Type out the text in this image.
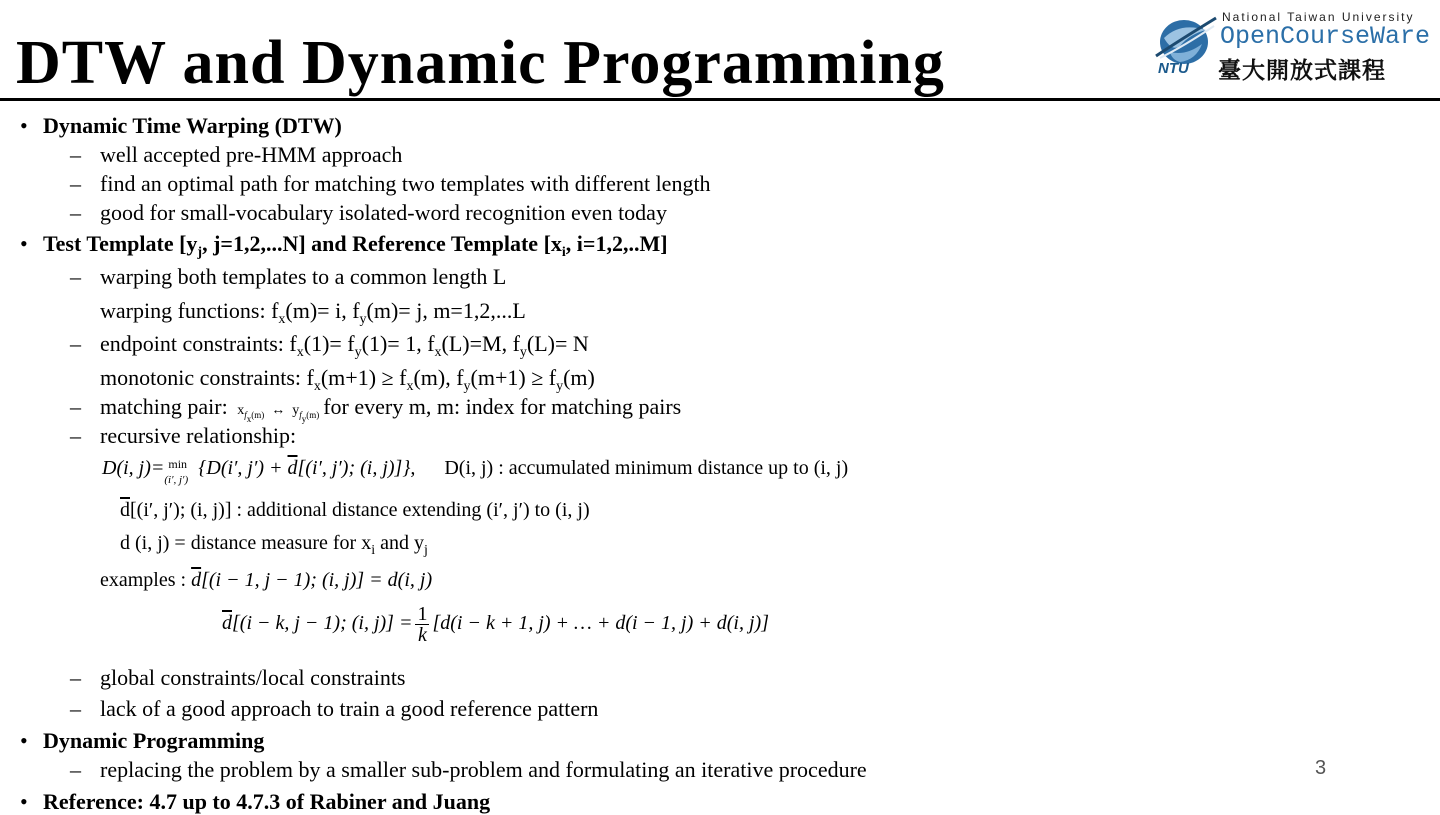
DTW and Dynamic Programming	NTU
National Taiwan University
OpenCourseWare
臺大開放式課程
• Dynamic Time Warping (DTW)
– well accepted pre-HMM approach
– find an optimal path for matching two templates with different length
– good for small-vocabulary isolated-word recognition even today
• Test Template [$y_j$, j=1,2,...N] and Reference Template [$x_i$, i=1,2,..M]
– warping both templates to a common length L
warping functions: $f_x(m)= i$, $f_y(m)= j$, m=1,2,...L
– endpoint constraints: $f_x(1)= f_y(1)= 1$, $f_x(L)=M$, $f_y(L)= N$
monotonic constraints: $f_x(m+1) \ge f_x(m)$, $f_y(m+1) \ge f_y(m)$
– matching pair: $x_{f_x(m)}$  ↔  $y_{f_y(m)}$ for every m, m: index for matching pairs
– recursive relationship:
D(i, j)= min
(i′, j′)
{D(i′, $j') + \overline{d}[(i'$, j′); (i, j)]}, D(i, j) : accumulated minimum distance up to (i, j)
$\overline{d}[(i'$, j′); (i, j)] : additional distance extending (i′, j′) to (i, j)
d (i, j) = distance measure for $x_i$ and $y_j$
examples : $\overline{d}[(i - 1$, j − 1); (i, j)] = d(i, j)
$\overline{d}[(i - k$, j − 1); (i, $j)] = \frac{1}{k} [d(i - k + 1$, j) + … + d(i − 1, j) + d(i, j)]
– global constraints/local constraints
– lack of a good approach to train a good reference pattern
• Dynamic Programming
– replacing the problem by a smaller sub-problem and formulating an iterative procedure
• Reference: 4.7 up to 4.7.3 of Rabiner and Juang
3
